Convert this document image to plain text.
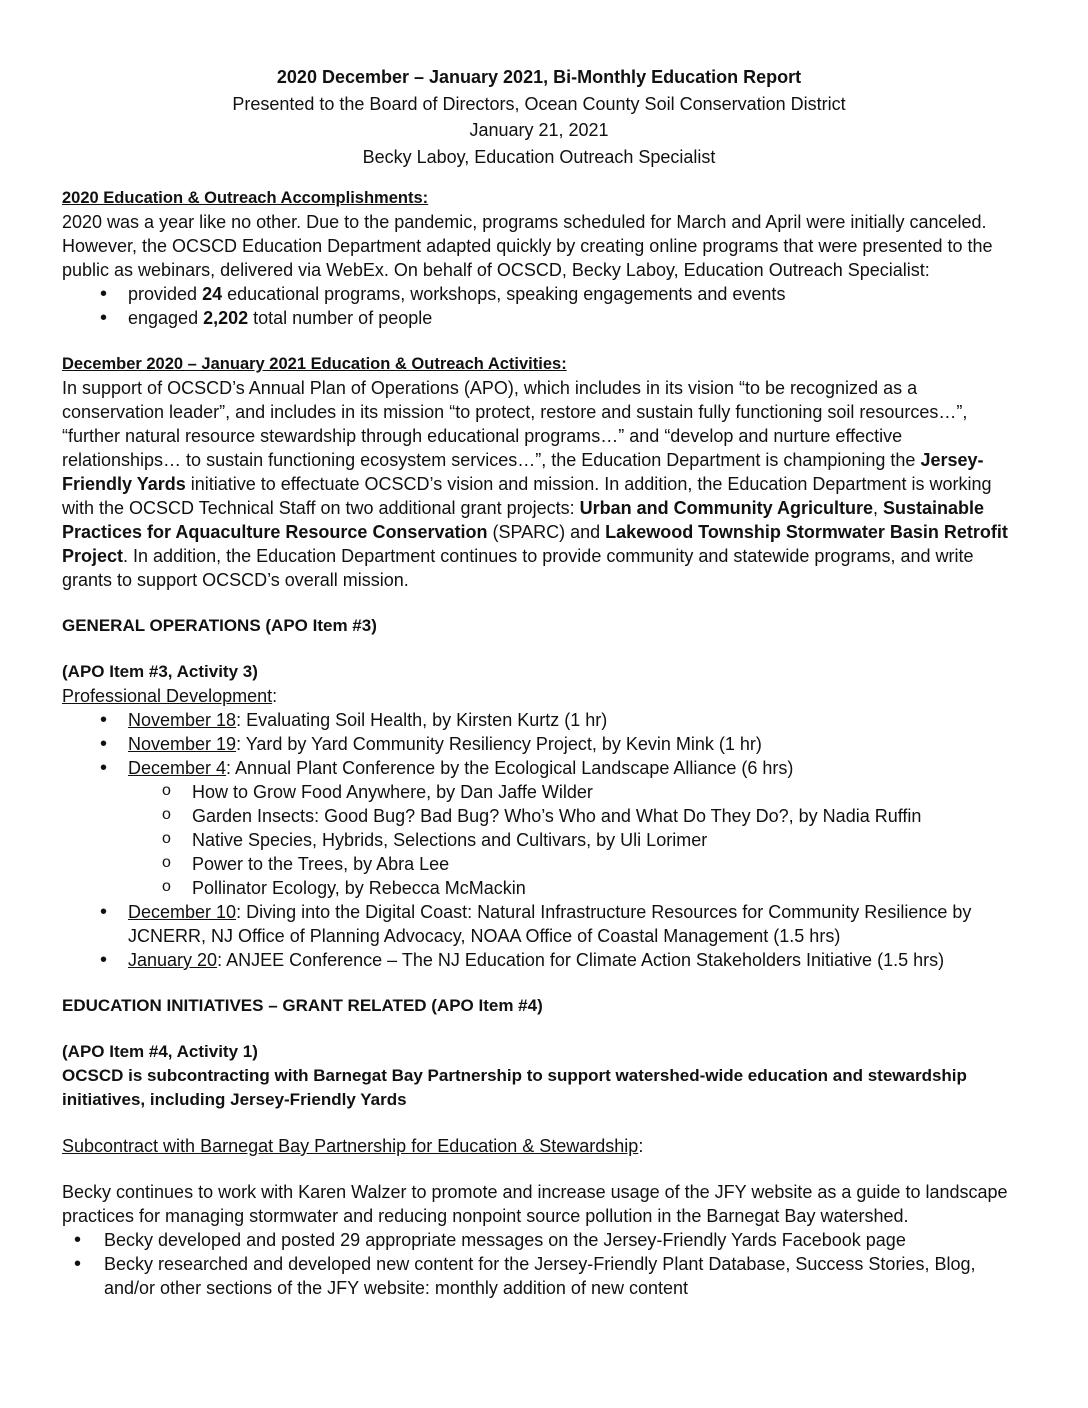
2020 December – January 2021, Bi-Monthly Education Report
Presented to the Board of Directors, Ocean County Soil Conservation District
January 21, 2021
Becky Laboy, Education Outreach Specialist
2020 Education & Outreach Accomplishments:

2020 was a year like no other. Due to the pandemic, programs scheduled for March and April were initially canceled. However, the OCSCD Education Department adapted quickly by creating online programs that were presented to the public as webinars, delivered via WebEx. On behalf of OCSCD, Becky Laboy, Education Outreach Specialist:

• provided 24 educational programs, workshops, speaking engagements and events
• engaged 2,202 total number of people
December 2020 – January 2021 Education & Outreach Activities:

In support of OCSCD’s Annual Plan of Operations (APO), which includes in its vision “to be recognized as a conservation leader”, and includes in its mission “to protect, restore and sustain fully functioning soil resources…”, “further natural resource stewardship through educational programs…” and “develop and nurture effective relationships… to sustain functioning ecosystem services…”, the Education Department is championing the Jersey-Friendly Yards initiative to effectuate OCSCD’s vision and mission. In addition, the Education Department is working with the OCSCD Technical Staff on two additional grant projects: Urban and Community Agriculture, Sustainable Practices for Aquaculture Resource Conservation (SPARC) and Lakewood Township Stormwater Basin Retrofit Project. In addition, the Education Department continues to provide community and statewide programs, and write grants to support OCSCD’s overall mission.

GENERAL OPERATIONS (APO Item #3)
(APO Item #3, Activity 3)
Professional Development:
• November 18: Evaluating Soil Health, by Kirsten Kurtz (1 hr)
• November 19: Yard by Yard Community Resiliency Project, by Kevin Mink (1 hr)
• December 4: Annual Plant Conference by the Ecological Landscape Alliance (6 hrs)
o How to Grow Food Anywhere, by Dan Jaffe Wilder
o Garden Insects: Good Bug? Bad Bug? Who’s Who and What Do They Do?, by Nadia Ruffin
o Native Species, Hybrids, Selections and Cultivars, by Uli Lorimer
o Power to the Trees, by Abra Lee
o Pollinator Ecology, by Rebecca McMackin
• December 10: Diving into the Digital Coast: Natural Infrastructure Resources for Community Resilience by JCNERR, NJ Office of Planning Advocacy, NOAA Office of Coastal Management (1.5 hrs)
• January 20: ANJEE Conference – The NJ Education for Climate Action Stakeholders Initiative (1.5 hrs)
EDUCATION INITIATIVES – GRANT RELATED (APO Item #4)
(APO Item #4, Activity 1)
OCSCD is subcontracting with Barnegat Bay Partnership to support watershed-wide education and stewardship initiatives, including Jersey-Friendly Yards
Subcontract with Barnegat Bay Partnership for Education & Stewardship:

Becky continues to work with Karen Walzer to promote and increase usage of the JFY website as a guide to landscape practices for managing stormwater and reducing nonpoint source pollution in the Barnegat Bay watershed.

• Becky developed and posted 29 appropriate messages on the Jersey-Friendly Yards Facebook page
• Becky researched and developed new content for the Jersey-Friendly Plant Database, Success Stories, Blog, and/or other sections of the JFY website: monthly addition of new content
